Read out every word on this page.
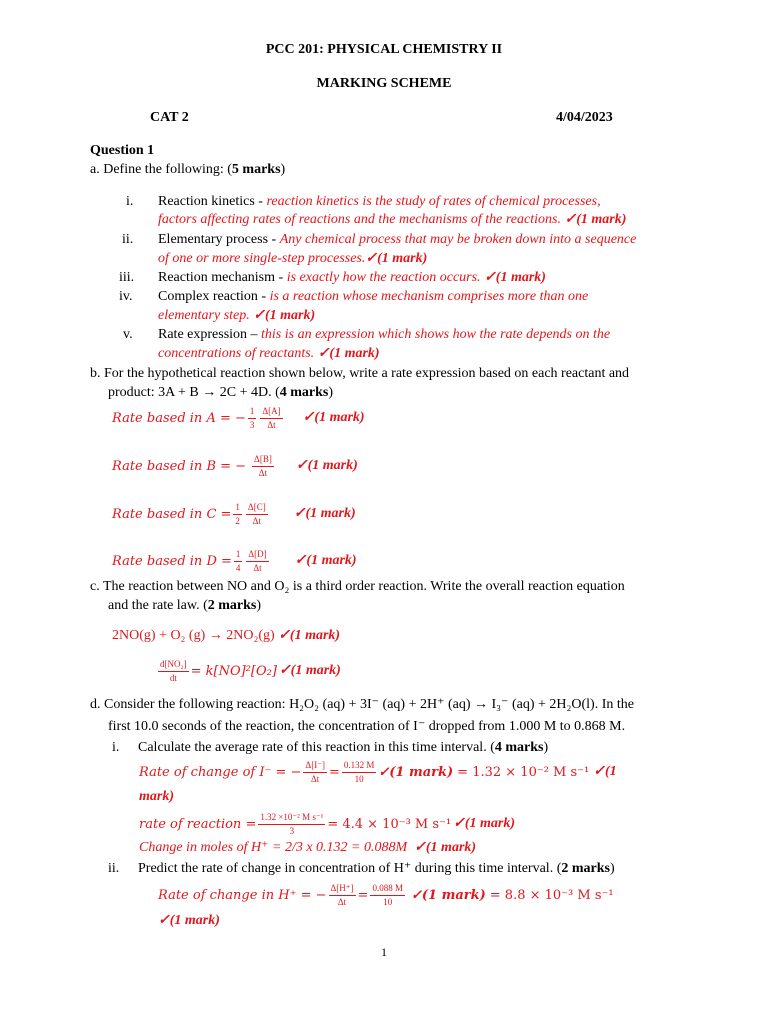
PCC 201: PHYSICAL CHEMISTRY II
MARKING SCHEME
CAT 2	4/04/2023
Question 1
a. Define the following: (5 marks)
i. Reaction kinetics - reaction kinetics is the study of rates of chemical processes,
factors affecting rates of reactions and the mechanisms of the reactions. ✓(1 mark)
ii. Elementary process - Any chemical process that may be broken down into a sequence
of one or more single-step processes.✓(1 mark)
iii. Reaction mechanism - is exactly how the reaction occurs. ✓(1 mark)
iv. Complex reaction - is a reaction whose mechanism comprises more than one
elementary step. ✓(1 mark)
v. Rate expression – this is an expression which shows how the rate depends on the
concentrations of reactants. ✓(1 mark)
b. For the hypothetical reaction shown below, write a rate expression based on each reactant and
product: 3A + B → 2C + 4D. (4 marks)
Rate based in A = − $\frac{1}{3} \Delta[A]$
Δt	✓(1 mark)
Rate based in B = − $\frac{\Delta[B]}{\Delta t}$ ✓(1 mark)
Rate based in $C = \frac{1}{2} \Delta[C]$
Δt	✓(1 mark)
Rate based in $D = \frac{1}{4} \Delta[D]$
Δt	✓(1 mark)
c. The reaction between NO and O₂ is a third order reaction. Write the overall reaction equation
and the rate law. (2 marks)
2NO(g) + O₂ (g) → 2NO₂(g) ✓(1 mark)
$\frac{\text{d[NO₂]}}{dt} = k[NO]^2[O_2]$ ✓(1 mark)
d. Consider the following reaction: H₂O₂ (aq) + 3I⁻ (aq) + 2H⁺ (aq) → I₃⁻ (aq) + 2H₂O(l). In the
first 10.0 seconds of the reaction, the concentration of I⁻ dropped from 1.000 M to 0.868 M.
i. Calculate the average rate of this reaction in this time interval. (4 marks)
Rate of change of I⁻ = − $\frac{\Delta[I^-]}{\Delta t} = \frac{0.132 M}{10}$ ✓(1 mark) = 1.32 × 10⁻² M s⁻¹ ✓(1
mark)
rate of reaction = $\frac{\text{1.32 ×10⁻² M s⁻¹}}{3} = 4.4 \times 10^{-3}$ M s⁻¹ ✓(1 mark)
Change in moles of H⁺ = 2/3 x 0.132 = 0.088M ✓(1 mark)
ii. Predict the rate of change in concentration of H⁺ during this time interval. (2 marks)
Rate of change in H⁺ = − $\frac{\Delta[H^+]}{\Delta t} = \frac{0.088 M}{10}$ ✓(1 mark) = 8.8 × 10⁻³ M s⁻¹
✓(1 mark)
1
